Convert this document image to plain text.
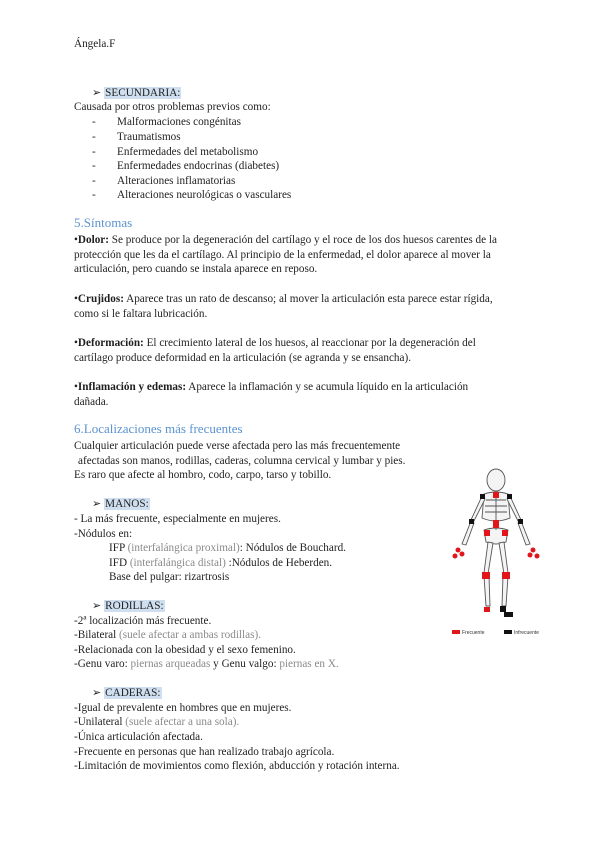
Ángela.F
➢ SECUNDARIA:
Causada por otros problemas previos como:
- Malformaciones congénitas
- Traumatismos
- Enfermedades del metabolismo
- Enfermedades endocrinas (diabetes)
- Alteraciones inflamatorias
- Alteraciones neurológicas o vasculares
5.Síntomas
•Dolor: Se produce por la degeneración del cartílago y el roce de los dos huesos carentes de la
protección que les da el cartílago. Al principio de la enfermedad, el dolor aparece al mover la
articulación, pero cuando se instala aparece en reposo.
•Crujidos: Aparece tras un rato de descanso; al mover la articulación esta parece estar rígida,
como si le faltara lubricación.
•Deformación: El crecimiento lateral de los huesos, al reaccionar por la degeneración del
cartílago produce deformidad en la articulación (se agranda y se ensancha).
•Inflamación y edemas: Aparece la inflamación y se acumula líquido en la articulación
dañada.
6.Localizaciones más frecuentes
Cualquier articulación puede verse afectada pero las más frecuentemente
afectadas son manos, rodillas, caderas, columna cervical y lumbar y pies.
Es raro que afecte al hombro, codo, carpo, tarso y tobillo.
➢ MANOS:
- La más frecuente, especialmente en mujeres.
-Nódulos en:
IFP (interfalángica proximal): Nódulos de Bouchard.
IFD (interfalángica distal) :Nódulos de Heberden.
Base del pulgar: rizartrosis
➢ RODILLAS:
-2ª localización más frecuente.
-Bilateral (suele afectar a ambas rodillas).
-Relacionada con la obesidad y el sexo femenino.
-Genu varo: piernas arqueadas y Genu valgo: piernas en X.
➢ CADERAS:
-Igual de prevalente en hombres que en mujeres.
-Unilateral (suele afectar a una sola).
-Única articulación afectada.
-Frecuente en personas que han realizado trabajo agrícola.
-Limitación de movimientos como flexión, abducción y rotación interna.
Frecuente	Infrecuente
